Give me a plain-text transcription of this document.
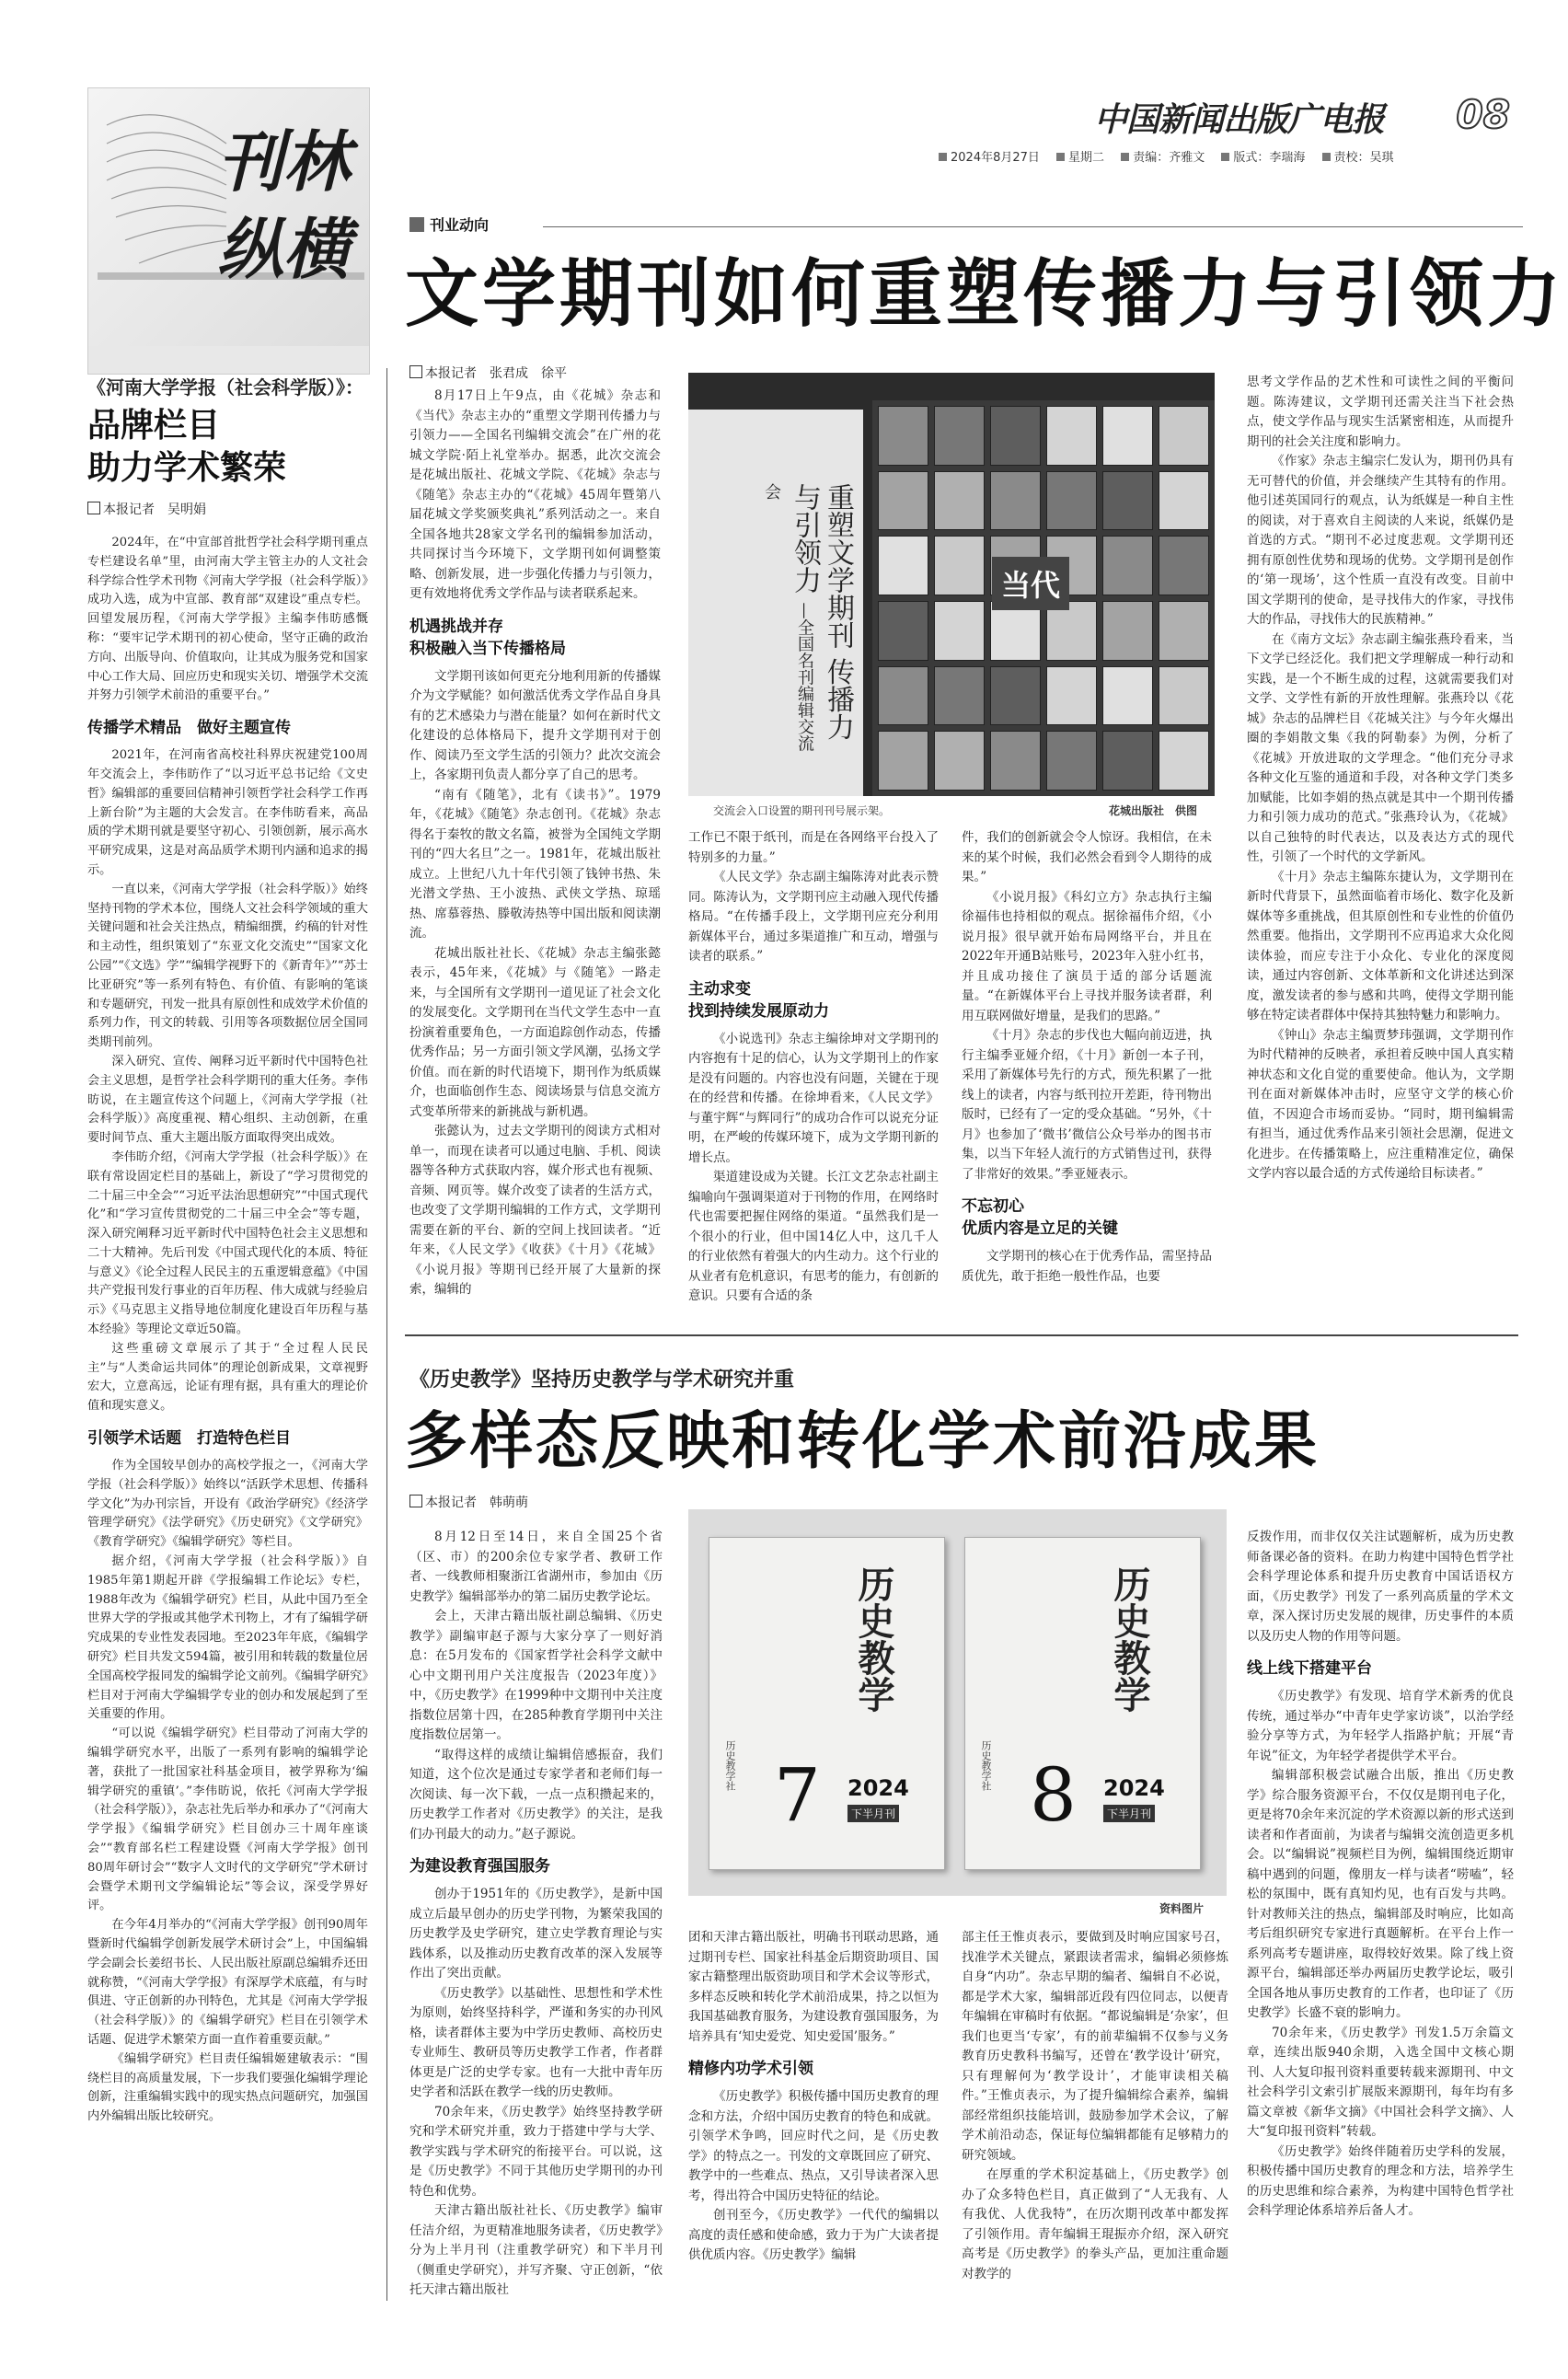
中国新闻出版广电报 08
2024年8月27日 星期二 责编：齐雅文 版式：李瑞海 责校：吴琪
刊林
纵横	刊业动向
文学期刊如何重塑传播力与引领力
本报记者　张君成　徐平

8月17日上午9点，由《花城》杂志和《当代》杂志主办的“重塑文学期刊传播力与引领力——全国名刊编辑交流会”在广州的花城文学院·陌上礼堂举办。据悉，此次交流会是花城出版社、花城文学院、《花城》杂志与《随笔》杂志主办的“《花城》45周年暨第八届花城文学奖颁奖典礼”系列活动之一。来自全国各地共28家文学名刊的编辑参加活动，共同探讨当今环境下，文学期刊如何调整策略、创新发展，进一步强化传播力与引领力，更有效地将优秀文学作品与读者联系起来。

机遇挑战并存
积极融入当下传播格局

文学期刊该如何更充分地利用新的传播媒介为文学赋能？如何激活优秀文学作品自身具有的艺术感染力与潜在能量？如何在新时代文化建设的总体格局下，提升文学期刊对于创作、阅读乃至文学生活的引领力？此次交流会上，各家期刊负责人都分享了自己的思考。

“南有《随笔》，北有《读书》”。1979年，《花城》《随笔》杂志创刊。《花城》杂志得名于秦牧的散文名篇，被誉为全国纯文学期刊的“四大名旦”之一。1981年，花城出版社成立。上世纪八九十年代引领了钱钟书热、朱光潜文学热、王小波热、武侠文学热、琼瑶热、席慕蓉热、滕敬涛热等中国出版和阅读潮流。

花城出版社社长、《花城》杂志主编张懿表示，45年来，《花城》与《随笔》一路走来，与全国所有文学期刊一道见证了社会文化的发展变化。文学期刊在当代文学生态中一直扮演着重要角色，一方面追踪创作动态，传播优秀作品；另一方面引领文学风潮，弘扬文学价值。而在新的时代语境下，期刊作为纸质媒介，也面临创作生态、阅读场景与信息交流方式变革所带来的新挑战与新机遇。

张懿认为，过去文学期刊的阅读方式相对单一，而现在读者可以通过电脑、手机、阅读器等各种方式获取内容，媒介形式也有视频、音频、网页等。媒介改变了读者的生活方式，也改变了文学期刊编辑的工作方式，文学期刊需要在新的平台、新的空间上找回读者。“近年来，《人民文学》《收获》《十月》《花城》《小说月报》等期刊已经开展了大量新的探索，编辑的

重塑文学期刊 传播力与引领力 —全国名刊编辑交流会
当代
交流会入口设置的期刊刊号展示架。	花城出版社　供图

工作已不限于纸刊，而是在各网络平台投入了特别多的力量。”

《人民文学》杂志副主编陈涛对此表示赞同。陈涛认为，文学期刊应主动融入现代传播格局。“在传播手段上，文学期刊应充分利用新媒体平台，通过多渠道推广和互动，增强与读者的联系。”

主动求变
找到持续发展原动力

《小说选刊》杂志主编徐坤对文学期刊的内容抱有十足的信心，认为文学期刊上的作家是没有问题的。内容也没有问题，关键在于现在的经营和传播。在徐坤看来，《人民文学》与董宇辉“与辉同行”的成功合作可以说充分证明，在严峻的传媒环境下，成为文学期刊新的增长点。

渠道建设成为关键。长江文艺杂志社副主编喻向午强调渠道对于刊物的作用，在网络时代也需要把握住网络的渠道。“虽然我们是一个很小的行业，但中国14亿人中，这几千人的行业依然有着强大的内生动力。这个行业的从业者有危机意识，有思考的能力，有创新的意识。只要有合适的条

件，我们的创新就会令人惊讶。我相信，在未来的某个时候，我们必然会看到令人期待的成果。”

《小说月报》《科幻立方》杂志执行主编徐福伟也持相似的观点。据徐福伟介绍，《小说月报》很早就开始布局网络平台，并且在2022年开通B站账号，2023年入驻小红书，并且成功接住了演员于适的部分话题流量。“在新媒体平台上寻找并服务读者群，利用互联网做好增量，是我们的思路。”

《十月》杂志的步伐也大幅向前迈进，执行主编季亚娅介绍，《十月》新创一本子刊，采用了新媒体号先行的方式，预先积累了一批线上的读者，内容与纸刊拉开差距，待刊物出版时，已经有了一定的受众基础。“另外，《十月》也参加了‘微书’微信公众号举办的图书市集，以当下年轻人流行的方式销售过刊，获得了非常好的效果。”季亚娅表示。

不忘初心
优质内容是立足的关键

文学期刊的核心在于优秀作品，需坚持品质优先，敢于拒绝一般性作品，也要

思考文学作品的艺术性和可读性之间的平衡问题。陈涛建议，文学期刊还需关注当下社会热点，使文学作品与现实生活紧密相连，从而提升期刊的社会关注度和影响力。

《作家》杂志主编宗仁发认为，期刊仍具有无可替代的价值，并会继续产生其特有的作用。他引述英国同行的观点，认为纸媒是一种自主性的阅读，对于喜欢自主阅读的人来说，纸媒仍是首选的方式。“期刊不必过度悲观。文学期刊还拥有原创性优势和现场的优势。文学期刊是创作的‘第一现场’，这个性质一直没有改变。目前中国文学期刊的使命，是寻找伟大的作家，寻找伟大的作品，寻找伟大的民族精神。”

在《南方文坛》杂志副主编张燕玲看来，当下文学已经泛化。我们把文学理解成一种行动和实践，是一个不断生成的过程，这就需要我们对文学、文学性有新的开放性理解。张燕玲以《花城》杂志的品牌栏目《花城关注》与今年火爆出圈的李娟散文集《我的阿勒泰》为例，分析了《花城》开放进取的文学理念。“他们充分寻求各种文化互鉴的通道和手段，对各种文学门类多加赋能，比如李娟的热点就是其中一个期刊传播力和引领力成功的范式。”张燕玲认为，《花城》以自己独特的时代表达，以及表达方式的现代性，引领了一个时代的文学新风。

《十月》杂志主编陈东捷认为，文学期刊在新时代背景下，虽然面临着市场化、数字化及新媒体等多重挑战，但其原创性和专业性的价值仍然重要。他指出，文学期刊不应再追求大众化阅读体验，而应专注于小众化、专业化的深度阅读，通过内容创新、文体革新和文化讲述达到深度，激发读者的参与感和共鸣，使得文学期刊能够在特定读者群体中保持其独特魅力和影响力。

《钟山》杂志主编贾梦玮强调，文学期刊作为时代精神的反映者，承担着反映中国人真实精神状态和文化自觉的重要使命。他认为，文学期刊在面对新媒体冲击时，应坚守文学的核心价值，不因迎合市场而妥协。“同时，期刊编辑需有担当，通过优秀作品来引领社会思潮，促进文化进步。在传播策略上，应注重精准定位，确保文学内容以最合适的方式传递给目标读者。”

《历史教学》坚持历史教学与学术研究并重
多样态反映和转化学术前沿成果
本报记者　韩萌萌

8月12日至14日，来自全国25个省（区、市）的200余位专家学者、教研工作者、一线教师相聚浙江省湖州市，参加由《历史教学》编辑部举办的第二届历史教学论坛。

会上，天津古籍出版社副总编辑、《历史教学》副编审赵子源与大家分享了一则好消息：在5月发布的《国家哲学社会科学文献中心中文期刊用户关注度报告（2023年度）》中，《历史教学》在1999种中文期刊中关注度指数位居第十四，在285种教育学期刊中关注度指数位居第一。

“取得这样的成绩让编辑倍感振奋，我们知道，这个位次是通过专家学者和老师们每一次阅读、每一次下载，一点一点积攒起来的，历史教学工作者对《历史教学》的关注，是我们办刊最大的动力。”赵子源说。

为建设教育强国服务

创办于1951年的《历史教学》，是新中国成立后最早创办的历史学刊物，为繁荣我国的历史教学及史学研究，建立史学教育理论与实践体系，以及推动历史教育改革的深入发展等作出了突出贡献。

《历史教学》以基础性、思想性和学术性为原则，始终坚持科学，严谨和务实的办刊风格，读者群体主要为中学历史教师、高校历史专业师生、教研员等历史教学工作者，作者群体更是广泛的史学专家。也有一大批中青年历史学者和活跃在教学一线的历史教师。

70余年来，《历史教学》始终坚持教学研究和学术研究并重，致力于搭建中学与大学、教学实践与学术研究的衔接平台。可以说，这是《历史教学》不同于其他历史学期刊的办刊特色和优势。

天津古籍出版社社长、《历史教学》编审任洁介绍，为更精准地服务读者，《历史教学》分为上半月刊（注重教学研究）和下半月刊（侧重史学研究），并写齐聚、守正创新，“依托天津古籍出版社

历史教学
2024
下半月刊
7
历史教学社
历史教学
2024
下半月刊
8
历史教学社
资料图片

团和天津古籍出版社，明确书刊联动思路，通过期刊专栏、国家社科基金后期资助项目、国家古籍整理出版资助项目和学术会议等形式，多样态反映和转化学术前沿成果，持之以恒为我国基础教育服务，为建设教育强国服务，为培养具有‘知史爱党、知史爱国’服务。”

精修内功学术引领

《历史教学》积极传播中国历史教育的理念和方法，介绍中国历史教育的特色和成就。引领学术争鸣，回应时代之问，是《历史教学》的特点之一。刊发的文章既回应了研究、教学中的一些难点、热点，又引导读者深入思考，得出符合中国历史特征的结论。

创刊至今，《历史教学》一代代的编辑以高度的责任感和使命感，致力于为广大读者提供优质内容。《历史教学》编辑

部主任王惟贞表示，要做到及时响应国家号召，找准学术关键点，紧跟读者需求，编辑必须修炼自身“内功”。杂志早期的编者、编辑自不必说，都是学术大家，编辑部近段有四位同志，以便青年编辑在审稿时有依据。“都说编辑是‘杂家’，但我们也更当‘专家’，有的前辈编辑不仅参与义务教育历史教科书编写，还曾在‘教学设计’研究，只有理解何为‘教学设计’，才能审读相关稿件。”王惟贞表示，为了提升编辑综合素养，编辑部经常组织技能培训，鼓励参加学术会议，了解学术前沿动态，保证每位编辑都能有足够精力的研究领域。

在厚重的学术积淀基础上，《历史教学》创办了众多特色栏目，真正做到了“人无我有、人有我优、人优我特”，在历次期刊改革中都发挥了引领作用。青年编辑王琨振亦介绍，深入研究高考是《历史教学》的拳头产品，更加注重命题对教学的

反拨作用，而非仅仅关注试题解析，成为历史教师备课必备的资料。在助力构建中国特色哲学社会科学理论体系和提升历史教育中国话语权方面，《历史教学》刊发了一系列高质量的学术文章，深入探讨历史发展的规律，历史事件的本质以及历史人物的作用等问题。

线上线下搭建平台

《历史教学》有发现、培育学术新秀的优良传统，通过举办“中青年史学家访谈”，以治学经验分享等方式，为年轻学人指路护航；开展“青年说”征文，为年轻学者提供学术平台。

编辑部积极尝试融合出版，推出《历史教学》综合服务资源平台，不仅仅是期刊电子化，更是将70余年来沉淀的学术资源以新的形式送到读者和作者面前，为读者与编辑交流创造更多机会。以“编辑说”视频栏目为例，编辑围绕近期审稿中遇到的问题，像朋友一样与读者“唠嗑”，轻松的氛围中，既有真知灼见，也有百发与共鸣。针对教师关注的热点，编辑部及时响应，比如高考后组织研究专家进行真题解析。在平台上作一系列高考专题讲座，取得较好效果。除了线上资源平台，编辑部还举办两届历史教学论坛，吸引全国各地从事历史教育的工作者，也印证了《历史教学》长盛不衰的影响力。

70余年来，《历史教学》刊发1.5万余篇文章，连续出版940余期，入选全国中文核心期刊、人大复印报刊资料重要转载来源期刊、中文社会科学引文索引扩展版来源期刊，每年均有多篇文章被《新华文摘》《中国社会科学文摘》、人大“复印报刊资料”转载。

《历史教学》始终伴随着历史学科的发展，积极传播中国历史教育的理念和方法，培养学生的历史思维和综合素养，为构建中国特色哲学社会科学理论体系培养后备人才。

《河南大学学报（社会科学版）》：
品牌栏目
助力学术繁荣
本报记者　吴明娟

2024年，在“中宣部首批哲学社会科学期刊重点专栏建设名单”里，由河南大学主管主办的人文社会科学综合性学术刊物《河南大学学报（社会科学版）》成功入选，成为中宣部、教育部“双建设”重点专栏。回望发展历程，《河南大学学报》主编李伟昉感慨称：“要牢记学术期刊的初心使命，坚守正确的政治方向、出版导向、价值取向，让其成为服务党和国家中心工作大局、回应历史和现实关切、增强学术交流并努力引领学术前沿的重要平台。”

传播学术精品　做好主题宣传

2021年，在河南省高校社科界庆祝建党100周年交流会上，李伟昉作了“以习近平总书记给《文史哲》编辑部的重要回信精神引领哲学社会科学工作再上新台阶”为主题的大会发言。在李伟昉看来，高品质的学术期刊就是要坚守初心、引领创新，展示高水平研究成果，这是对高品质学术期刊内涵和追求的揭示。

一直以来，《河南大学学报（社会科学版）》始终坚持刊物的学术本位，围绕人文社会科学领域的重大关键问题和社会关注热点，精编细撰，约稿的针对性和主动性，组织策划了“东亚文化交流史”“国家文化公园”“《文选》学”“编辑学视野下的《新青年》”“苏士比亚研究”等一系列有特色、有价值、有影响的笔谈和专题研究，刊发一批具有原创性和成效学术价值的系列力作，刊文的转载、引用等各项数据位居全国同类期刊前列。

深入研究、宣传、阐释习近平新时代中国特色社会主义思想，是哲学社会科学期刊的重大任务。李伟昉说，在主题宣传这个问题上，《河南大学学报（社会科学版）》高度重视、精心组织、主动创新，在重要时间节点、重大主题出版方面取得突出成效。

李伟昉介绍，《河南大学学报（社会科学版）》在联有常设固定栏目的基础上，新设了“学习贯彻党的二十届三中全会”“习近平法治思想研究”“中国式现代化”和“学习宣传贯彻党的二十届三中全会”等专题，深入研究阐释习近平新时代中国特色社会主义思想和二十大精神。先后刊发《中国式现代化的本质、特征与意义》《论全过程人民民主的五重逻辑意蕴》《中国共产党报刊发行事业的百年历程、伟大成就与经验启示》《马克思主义指导地位制度化建设百年历程与基本经验》等理论文章近50篇。

这些重磅文章展示了其于“全过程人民民主”与“人类命运共同体”的理论创新成果，文章视野宏大，立意高远，论证有理有据，具有重大的理论价值和现实意义。

引领学术话题　打造特色栏目

作为全国较早创办的高校学报之一，《河南大学学报（社会科学版）》始终以“活跃学术思想、传播科学文化”为办刊宗旨，开设有《政治学研究》《经济学管理学研究》《法学研究》《历史研究》《文学研究》《教育学研究》《编辑学研究》等栏目。

据介绍，《河南大学学报（社会科学版）》自1985年第1期起开辟《学报编辑工作论坛》专栏，1988年改为《编辑学研究》栏目，从此中国乃至全世界大学的学报或其他学术刊物上，才有了编辑学研究成果的专业性发表园地。至2023年年底，《编辑学研究》栏目共发文594篇，被引用和转载的数量位居全国高校学报同发的编辑学论文前列。《编辑学研究》栏目对于河南大学编辑学专业的创办和发展起到了至关重要的作用。

“可以说《编辑学研究》栏目带动了河南大学的编辑学研究水平，出版了一系列有影响的编辑学论著，获批了一批国家社科基金项目，被学界称为‘编辑学研究的重镇’。”李伟昉说，依托《河南大学学报（社会科学版）》，杂志社先后举办和承办了“《河南大学学报》《编辑学研究》栏目创办三十周年座谈会”“教育部名栏工程建设暨《河南大学学报》创刊80周年研讨会”“数字人文时代的文学研究”学术研讨会暨学术期刊文学编辑论坛”等会议，深受学界好评。

在今年4月举办的“《河南大学学报》创刊90周年暨新时代编辑学创新发展学术研讨会”上，中国编辑学会副会长姜绍书长、人民出版社原副总编辑乔还田就称赞，“《河南大学学报》有深厚学术底蕴，有与时俱进、守正创新的办刊特色，尤其是《河南大学学报（社会科学版）》的《编辑学研究》栏目在引领学术话题、促进学术繁荣方面一直作着重要贡献。”

《编辑学研究》栏目责任编辑姬建敏表示：“围绕栏目的高质量发展，下一步我们要强化编辑学理论创新，注重编辑实践中的现实热点问题研究，加强国内外编辑出版比较研究。
